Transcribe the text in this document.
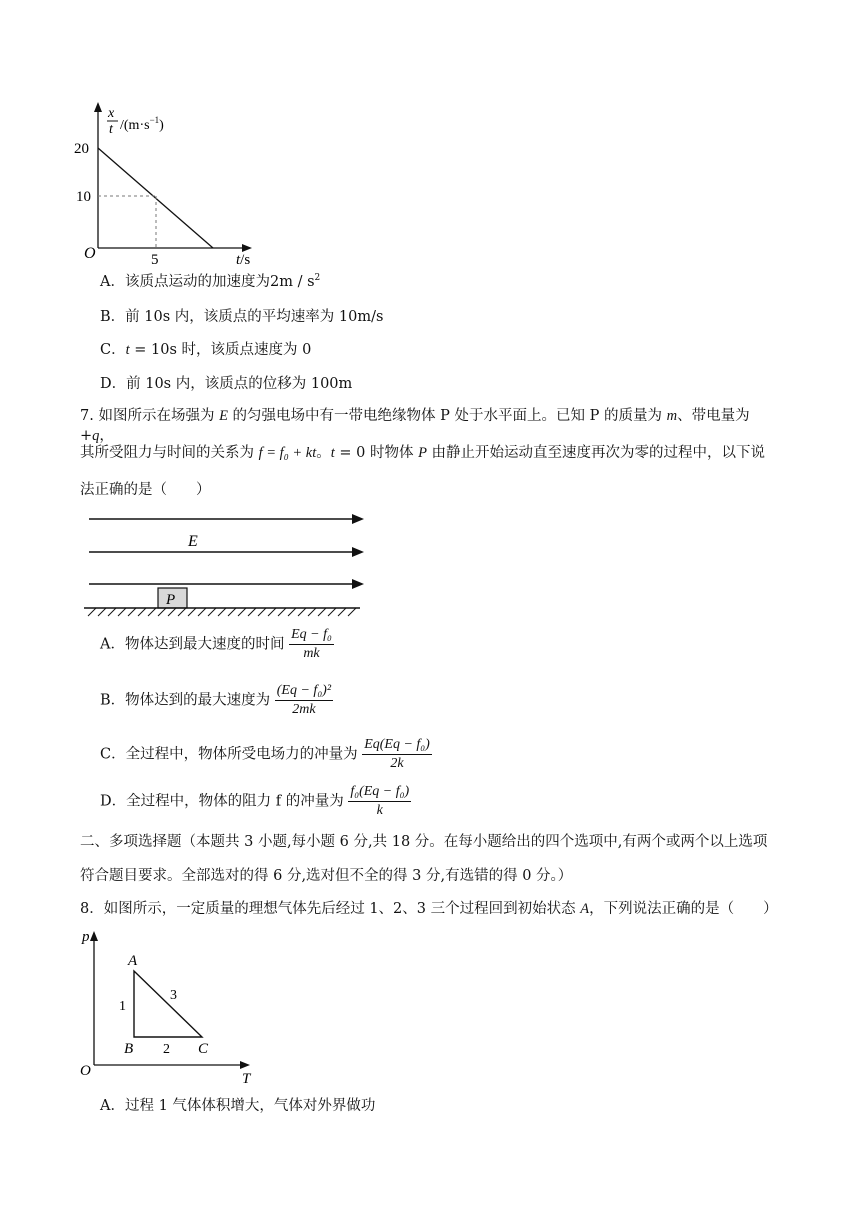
x
t $/(m\cdot s^{-1})$
20
10
5
O	t/s
A．该质点运动的加速度为$2m / s^2$
B．前 10s 内，该质点的平均速率为 10m/s
C．t = 10s 时，该质点速度为 0
D．前 10s 内，该质点的位移为 100m
7. 如图所示在场强为 E 的匀强电场中有一带电绝缘物体 P 处于水平面上。已知 P 的质量为 m、带电量为 +q，
其所受阻力与时间的关系为 f = f₀ + kt。t = 0 时物体 P 由静止开始运动直至速度再次为零的过程中，以下说
法正确的是（　　）
E
P
A．物体达到最大速度的时间 $\frac{\text{Eq − f₀}}{mk}$
B．物体达到的最大速度为 $\frac{\text{(Eq − f₀)²}}{2mk}$
C．全过程中，物体所受电场力的冲量为 $\frac{\text{Eq(Eq − f₀)}}{2k}$
D．全过程中，物体的阻力 f 的冲量为 $\frac{\text{f₀(Eq − f₀)}}{k}$
二、多项选择题（本题共 3 小题,每小题 6 分,共 18 分。在每小题给出的四个选项中,有两个或两个以上选项
符合题目要求。全部选对的得 6 分,选对但不全的得 3 分,有选错的得 0 分。）
8．如图所示，一定质量的理想气体先后经过 1、2、3 三个过程回到初始状态 A，下列说法正确的是（　　）
p
T
O
A
B	C
1
2
3
A．过程 1 气体体积增大，气体对外界做功
